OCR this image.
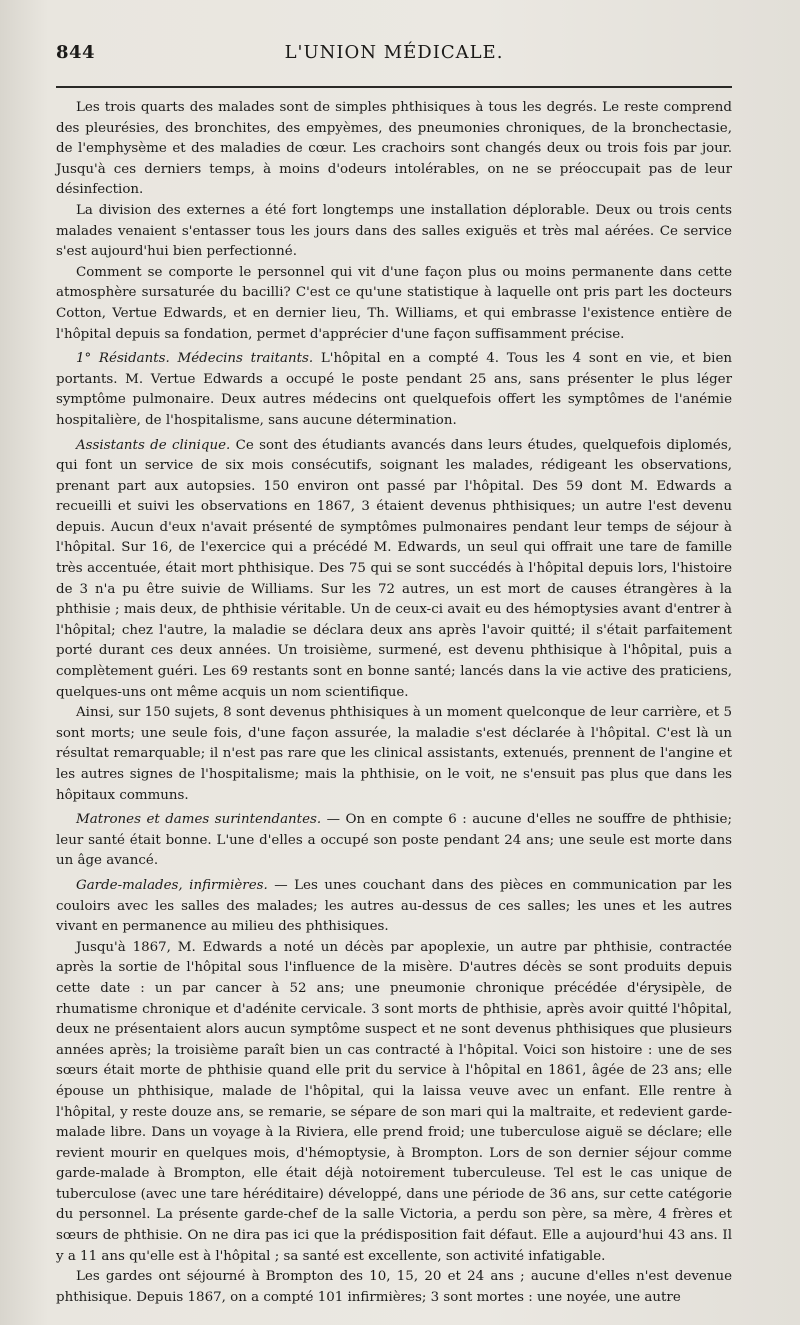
844	L'UNION MÉDICALE.

Les trois quarts des malades sont de simples phthisiques à tous les degrés. Le reste comprend des pleurésies, des bronchites, des empyèmes, des pneumonies chroniques, de la bronchectasie, de l'emphysème et des maladies de cœur. Les crachoirs sont changés deux ou trois fois par jour. Jusqu'à ces derniers temps, à moins d'odeurs intolérables, on ne se préoccupait pas de leur désinfection.

La division des externes a été fort longtemps une installation déplorable. Deux ou trois cents malades venaient s'entasser tous les jours dans des salles exiguës et très mal aérées. Ce service s'est aujourd'hui bien perfectionné.

Comment se comporte le personnel qui vit d'une façon plus ou moins permanente dans cette atmosphère sursaturée du bacilli? C'est ce qu'une statistique à laquelle ont pris part les docteurs Cotton, Vertue Edwards, et en dernier lieu, Th. Williams, et qui embrasse l'existence entière de l'hôpital depuis sa fondation, permet d'apprécier d'une façon suffisamment précise.

1° Résidants. Médecins traitants. L'hôpital en a compté 4. Tous les 4 sont en vie, et bien portants. M. Vertue Edwards a occupé le poste pendant 25 ans, sans présenter le plus léger symptôme pulmonaire. Deux autres médecins ont quelquefois offert les symptômes de l'anémie hospitalière, de l'hospitalisme, sans aucune détermination.

Assistants de clinique. Ce sont des étudiants avancés dans leurs études, quelquefois diplomés, qui font un service de six mois consécutifs, soignant les malades, rédigeant les observations, prenant part aux autopsies. 150 environ ont passé par l'hôpital. Des 59 dont M. Edwards a recueilli et suivi les observations en 1867, 3 étaient devenus phthisiques; un autre l'est devenu depuis. Aucun d'eux n'avait présenté de symptômes pulmonaires pendant leur temps de séjour à l'hôpital. Sur 16, de l'exercice qui a précédé M. Edwards, un seul qui offrait une tare de famille très accentuée, était mort phthisique. Des 75 qui se sont succédés à l'hôpital depuis lors, l'histoire de 3 n'a pu être suivie de Williams. Sur les 72 autres, un est mort de causes étrangères à la phthisie ; mais deux, de phthisie véritable. Un de ceux-ci avait eu des hémoptysies avant d'entrer à l'hôpital; chez l'autre, la maladie se déclara deux ans après l'avoir quitté; il s'était parfaitement porté durant ces deux années. Un troisième, surmené, est devenu phthisique à l'hôpital, puis a complètement guéri. Les 69 restants sont en bonne santé; lancés dans la vie active des praticiens, quelques-uns ont même acquis un nom scientifique.

Ainsi, sur 150 sujets, 8 sont devenus phthisiques à un moment quelconque de leur carrière, et 5 sont morts; une seule fois, d'une façon assurée, la maladie s'est déclarée à l'hôpital. C'est là un résultat remarquable; il n'est pas rare que les clinical assistants, extenués, prennent de l'angine et les autres signes de l'hospitalisme; mais la phthisie, on le voit, ne s'ensuit pas plus que dans les hôpitaux communs.

Matrones et dames surintendantes. — On en compte 6 : aucune d'elles ne souffre de phthisie; leur santé était bonne. L'une d'elles a occupé son poste pendant 24 ans; une seule est morte dans un âge avancé.

Garde-malades, infirmières. — Les unes couchant dans des pièces en communication par les couloirs avec les salles des malades; les autres au-dessus de ces salles; les unes et les autres vivant en permanence au milieu des phthisiques.

Jusqu'à 1867, M. Edwards a noté un décès par apoplexie, un autre par phthisie, contractée après la sortie de l'hôpital sous l'influence de la misère. D'autres décès se sont produits depuis cette date : un par cancer à 52 ans; une pneumonie chronique précédée d'érysipèle, de rhumatisme chronique et d'adénite cervicale. 3 sont morts de phthisie, après avoir quitté l'hôpital, deux ne présentaient alors aucun symptôme suspect et ne sont devenus phthisiques que plusieurs années après; la troisième paraît bien un cas contracté à l'hôpital. Voici son histoire : une de ses sœurs était morte de phthisie quand elle prit du service à l'hôpital en 1861, âgée de 23 ans; elle épouse un phthisique, malade de l'hôpital, qui la laissa veuve avec un enfant. Elle rentre à l'hôpital, y reste douze ans, se remarie, se sépare de son mari qui la maltraite, et redevient garde-malade libre. Dans un voyage à la Riviera, elle prend froid; une tuberculose aiguë se déclare; elle revient mourir en quelques mois, d'hémoptysie, à Brompton. Lors de son dernier séjour comme garde-malade à Brompton, elle était déjà notoirement tuberculeuse. Tel est le cas unique de tuberculose (avec une tare héréditaire) développé, dans une période de 36 ans, sur cette catégorie du personnel. La présente garde-chef de la salle Victoria, a perdu son père, sa mère, 4 frères et sœurs de phthisie. On ne dira pas ici que la prédisposition fait défaut. Elle a aujourd'hui 43 ans. Il y a 11 ans qu'elle est à l'hôpital ; sa santé est excellente, son activité infatigable.

Les gardes ont séjourné à Brompton des 10, 15, 20 et 24 ans ; aucune d'elles n'est devenue phthisique. Depuis 1867, on a compté 101 infirmières; 3 sont mortes : une noyée, une autre
